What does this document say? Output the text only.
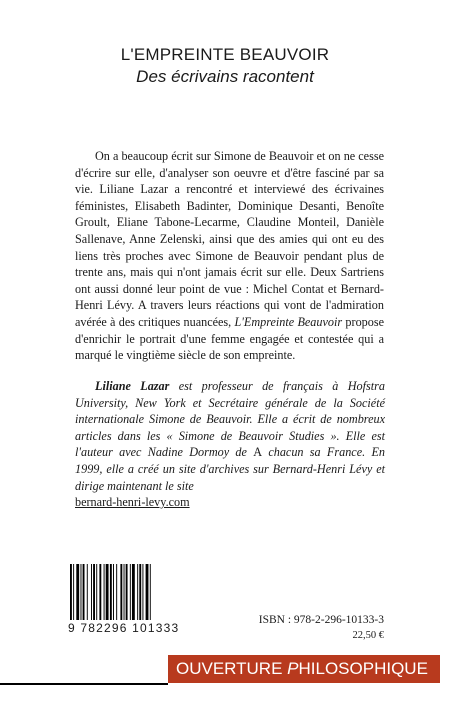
L'EMPREINTE BEAUVOIR
Des écrivains racontent

On a beaucoup écrit sur Simone de Beauvoir et on ne cesse d'écrire sur elle, d'analyser son oeuvre et d'être fasciné par sa vie. Liliane Lazar a rencontré et interviewé des écrivaines féministes, Elisabeth Badinter, Dominique Desanti, Benoîte Groult, Eliane Tabone-Lecarme, Claudine Monteil, Danièle Sallenave, Anne Zelenski, ainsi que des amies qui ont eu des liens très proches avec Simone de Beauvoir pendant plus de trente ans, mais qui n'ont jamais écrit sur elle. Deux Sartriens ont aussi donné leur point de vue : Michel Contat et Bernard-Henri Lévy. A travers leurs réactions qui vont de l'admiration avérée à des critiques nuancées, L'Empreinte Beauvoir propose d'enrichir le portrait d'une femme engagée et contestée qui a marqué le vingtième siècle de son empreinte.

Liliane Lazar est professeur de français à Hofstra University, New York et Secrétaire générale de la Société internationale Simone de Beauvoir. Elle a écrit de nombreux articles dans les « Simone de Beauvoir Studies ». Elle est l'auteur avec Nadine Dormoy de A chacun sa France. En 1999, elle a créé un site d'archives sur Bernard-Henri Lévy et dirige maintenant le site
bernard-henri-levy.com

9 782296 101333
ISBN : 978-2-296-10133-3
22,50 €
OUVERTURE PHILOSOPHIQUE
